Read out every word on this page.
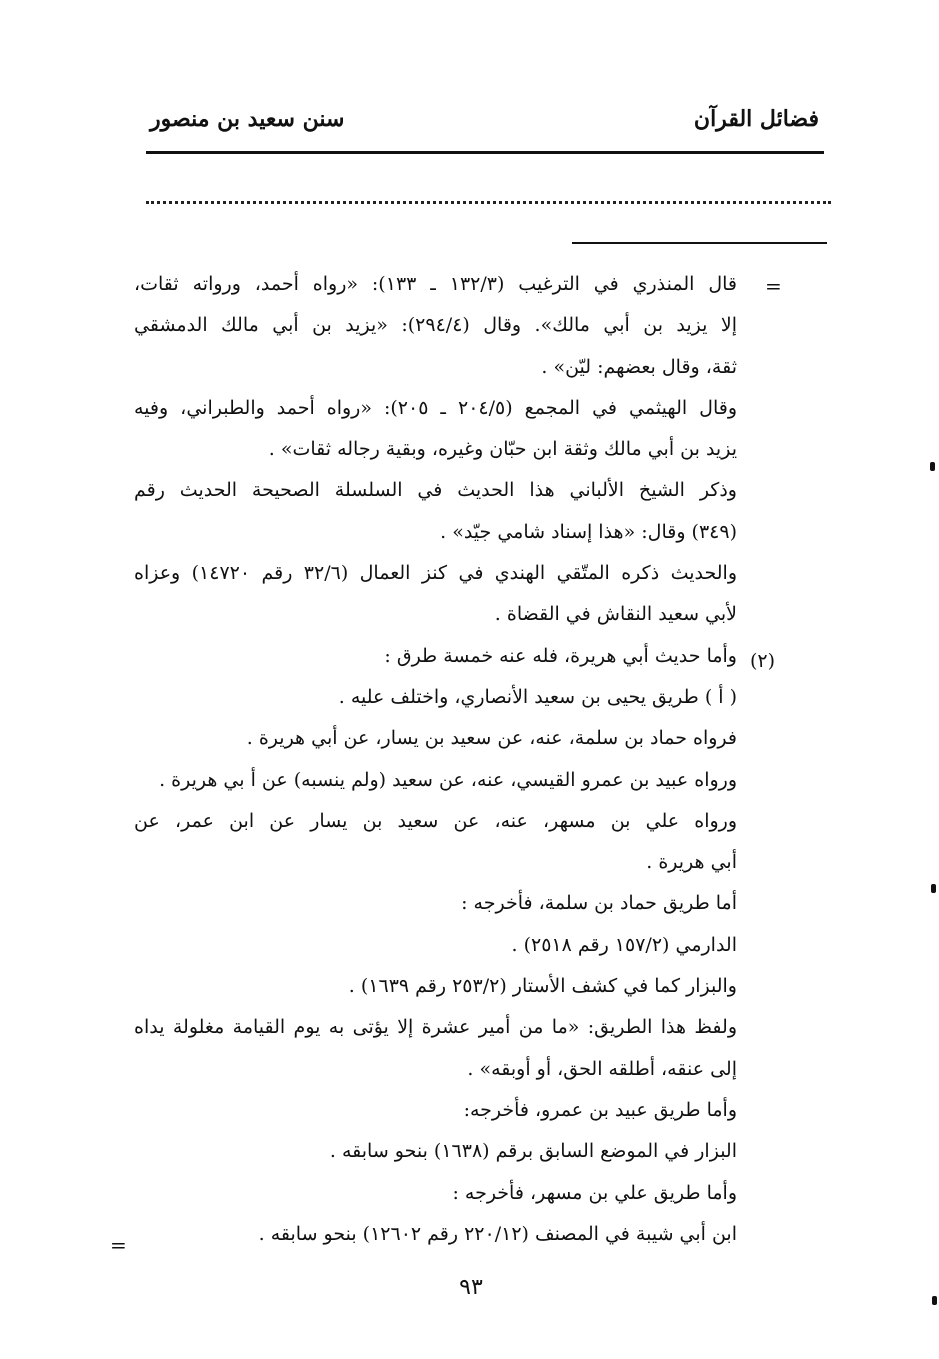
فضائل القرآن
سنن سعيد بن منصور
=
(٢)
قال المنذري في الترغيب (١٣٢/٣ ـ ١٣٣): «رواه أحمد، ورواته ثقات،
إلا يزيد بن أبي مالك». وقال (٢٩٤/٤): «يزيد بن أبي مالك الدمشقي
ثقة، وقال بعضهم: ليّن» .
وقال الهيثمي في المجمع (٢٠٤/٥ ـ ٢٠٥): «رواه أحمد والطبراني، وفيه
يزيد بن أبي مالك وثقة ابن حبّان وغيره، وبقية رجاله ثقات» .
وذكر الشيخ الألباني هذا الحديث في السلسلة الصحيحة الحديث رقم
(٣٤٩) وقال: «هذا إسناد شامي جيّد» .
والحديث ذكره المتّقي الهندي في كنز العمال (٣٢/٦ رقم ١٤٧٢٠) وعزاه
لأبي سعيد النقاش في القضاة .
وأما حديث أبي هريرة، فله عنه خمسة طرق :
( أ ) طريق يحيى بن سعيد الأنصاري، واختلف عليه .
فرواه حماد بن سلمة، عنه، عن سعيد بن يسار، عن أبي هريرة .
ورواه عبيد بن عمرو القيسي، عنه، عن سعيد (ولم ينسبه) عن أ بي هريرة .
ورواه علي بن مسهر، عنه، عن سعيد بن يسار عن ابن عمر، عن
أبي هريرة .
أما طريق حماد بن سلمة، فأخرجه :
الدارمي (١٥٧/٢ رقم ٢٥١٨) .
والبزار كما في كشف الأستار (٢٥٣/٢ رقم ١٦٣٩) .
ولفظ هذا الطريق: «ما من أمير عشرة إلا يؤتى به يوم القيامة مغلولة يداه
إلى عنقه، أطلقه الحق، أو أوبقه» .
وأما طريق عبيد بن عمرو، فأخرجه:
البزار في الموضع السابق برقم (١٦٣٨) بنحو سابقه .
وأما طريق علي بن مسهر، فأخرجه :
ابن أبي شيبة في المصنف (٢٢٠/١٢ رقم ١٢٦٠٢) بنحو سابقه .
=
٩٣
